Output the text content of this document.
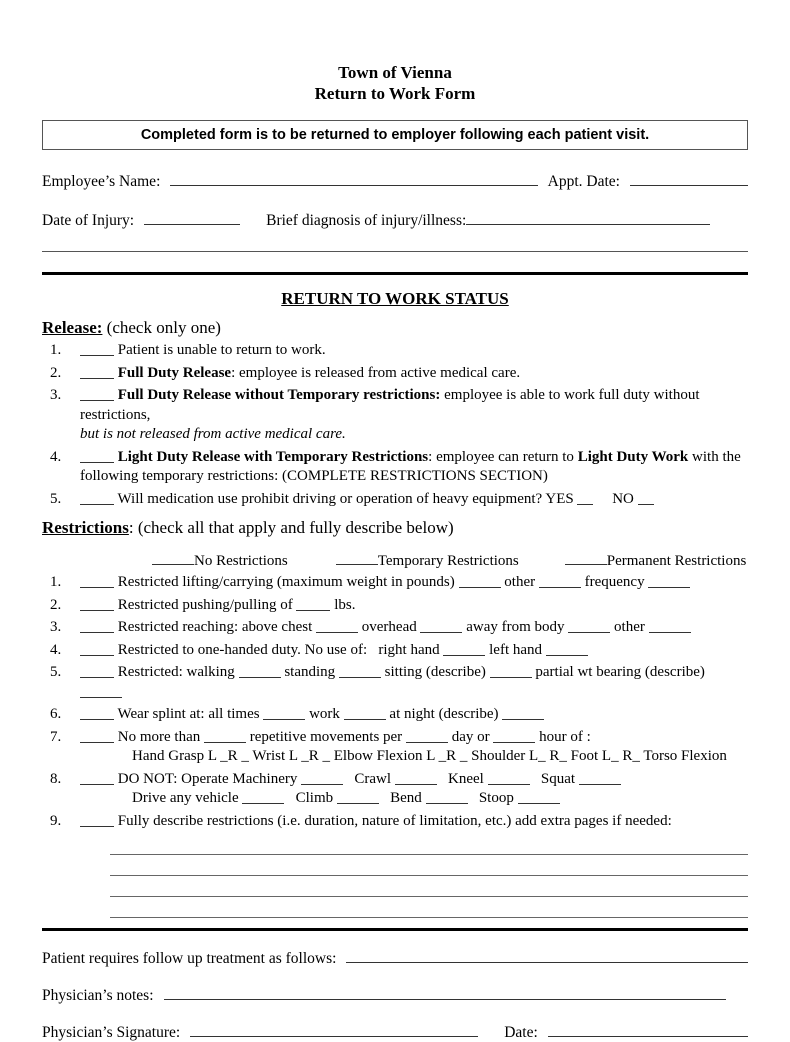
Town of Vienna
Return to Work Form
Completed form is to be returned to employer following each patient visit.
Employee’s Name:	Appt. Date:
Date of Injury:	Brief diagnosis of injury/illness:
RETURN TO WORK STATUS
Release: (check only one)
1.	Patient is unable to return to work.
2.	Full Duty Release: employee is released from active medical care.
3.	Full Duty Release without Temporary restrictions: employee is able to work full duty without restrictions,
but is not released from active medical care.
4.	Light Duty Release with Temporary Restrictions: employee can return to Light Duty Work with the
following temporary restrictions: (COMPLETE RESTRICTIONS SECTION)
5.	Will medication use prohibit driving or operation of heavy equipment? YES	NO
Restrictions: (check all that apply and fully describe below)
No Restrictions	Temporary Restrictions	Permanent Restrictions
1.	Restricted lifting/carrying (maximum weight in pounds)	other	frequency
2.	Restricted pushing/pulling of	lbs.
3.	Restricted reaching: above chest	overhead	away from body	other
4.	Restricted to one-handed duty. No use of: right hand	left hand
5.	Restricted: walking	standing	sitting (describe)	partial wt bearing (describe)
6.	Wear splint at: all times	work	at night (describe)
7.	No more than	repetitive movements per	day or	hour of :
Hand Grasp L _R _ Wrist L _R _ Elbow Flexion L _R _ Shoulder L_ R_ Foot L_ R_ Torso Flexion
8.	DO NOT: Operate Machinery	Crawl	Kneel	Squat
Drive any vehicle	Climb	Bend	Stoop
9.	Fully describe restrictions (i.e. duration, nature of limitation, etc.) add extra pages if needed:
Patient requires follow up treatment as follows:
Physician’s notes:
Physician’s Signature:	Date:
